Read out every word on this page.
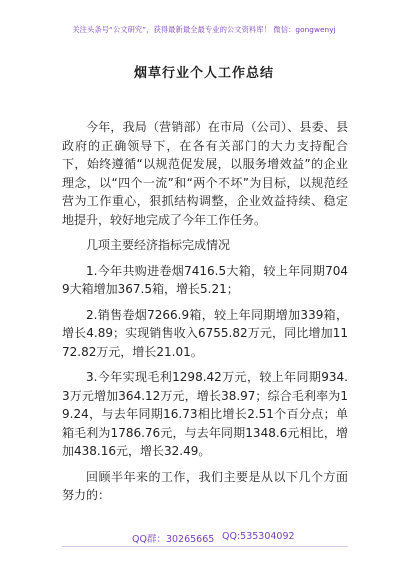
关注头条号“公文研究”，获得最新最全最专业的公文资料库！ 微信：gongwenyj
烟草行业个人工作总结

今年，我局（营销部）在市局（公司）、县委、县政府的正确领导下，在各有关部门的大力支持配合下，始终遵循“以规范促发展，以服务增效益”的企业理念，以“四个一流”和“两个不坏”为目标，以规范经营为工作重心，狠抓结构调整，企业效益持续、稳定地提升，较好地完成了今年工作任务。

几项主要经济指标完成情况

1.今年共购进卷烟7416.5大箱，较上年同期7049大箱增加367.5箱，增长5.21；

2.销售卷烟7266.9箱，较上年同期增加339箱，增长4.89；实现销售收入6755.82万元，同比增加1172.82万元，增长21.01。

3.今年实现毛利1298.42万元，较上年同期934.3万元增加364.12万元，增长38.97；综合毛利率为19.24，与去年同期16.73相比增长2.51个百分点；单箱毛利为1786.76元，与去年同期1348.6元相比，增加438.16元，增长32.49。

回顾半年来的工作，我们主要是从以下几个方面努力的：

QQ群：30265665 QQ:535304092
